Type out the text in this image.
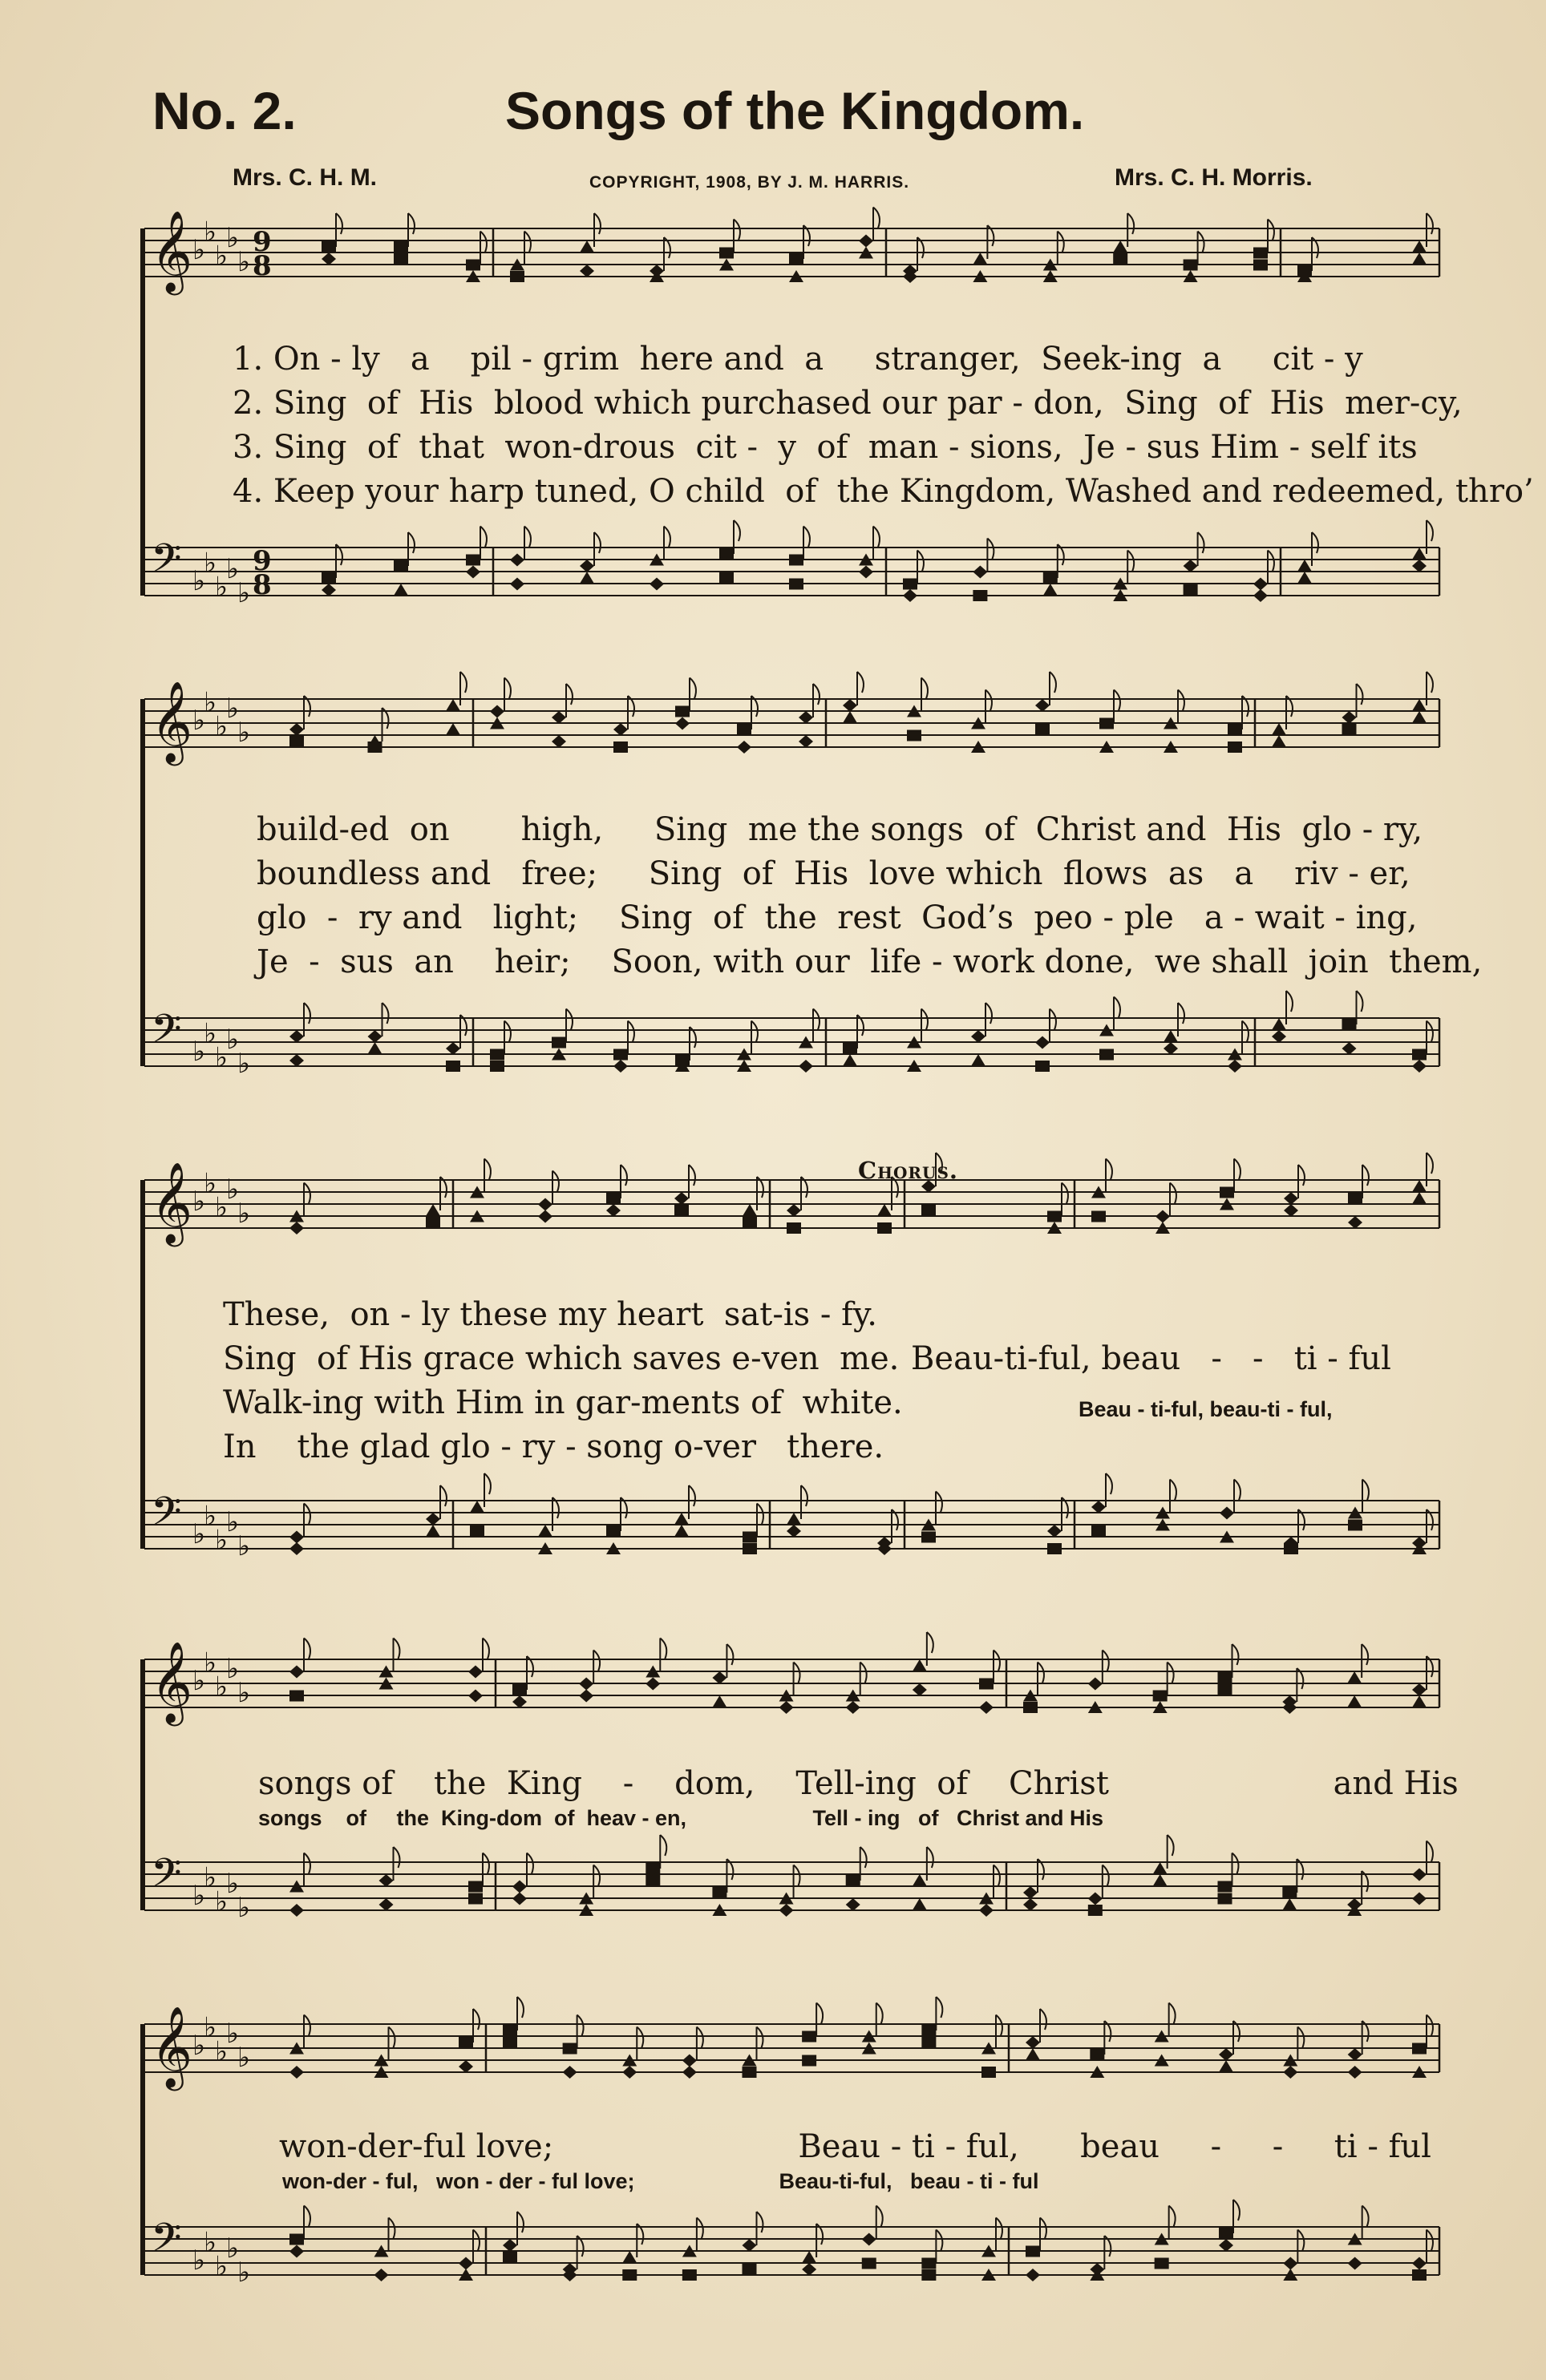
No. 2.	Songs of the Kingdom.
Mrs. C. H. M.	COPYRIGHT, 1908, BY J. M. HARRIS.	Mrs. C. H. Morris.
𝄞 ♭
♭
♭
♭
♭
9
8
𝄢 ♭
♭
♭
♭
♭
9
8
𝄞 ♭
♭
♭
♭
♭
𝄢 ♭
♭
♭
♭
♭
𝄞 ♭
♭
♭
♭
♭
𝄢 ♭
♭
♭
♭
♭
𝄞 ♭
♭
♭
♭
♭
𝄢 ♭
♭
♭
♭
♭
𝄞 ♭
♭
♭
♭
♭
𝄢 ♭
♭
♭
♭
♭
Chorus.
1. On - ly   a    pil - grim  here and  a     stranger,  Seek-ing  a     cit - y
2. Sing  of  His  blood which purchased our par - don,  Sing  of  His  mer-cy,
3. Sing  of  that  won-drous  cit -  y  of  man - sions,  Je - sus Him - self its
4. Keep your harp tuned, O child  of  the Kingdom, Washed and redeemed, thro’
build-ed  on       high,     Sing  me the songs  of  Christ and  His  glo - ry,
boundless and   free;     Sing  of  His  love which  flows  as   a    riv - er,
glo  -  ry and   light;    Sing  of  the  rest  God’s  peo - ple   a - wait - ing,
Je  -  sus  an    heir;    Soon, with our  life - work done,  we shall  join  them,
These,  on - ly these my heart  sat-is - fy.
Sing  of His grace which saves e-ven  me.
Walk-ing with Him in gar-ments of  white.
In    the glad glo - ry - song o-ver   there.
Beau-ti-ful, beau   -   -   ti - ful
Beau - ti-ful, beau-ti - ful,
songs of    the  King    -    dom,    Tell-ing  of    Christ                      and His
songs    of     the  King-dom  of  heav - en,                     Tell - ing   of   Christ and His
won-der-ful love;                        Beau - ti - ful,      beau     -     -     ti - ful
won-der - ful,   won - der - ful love;                        Beau-ti-ful,   beau - ti - ful
